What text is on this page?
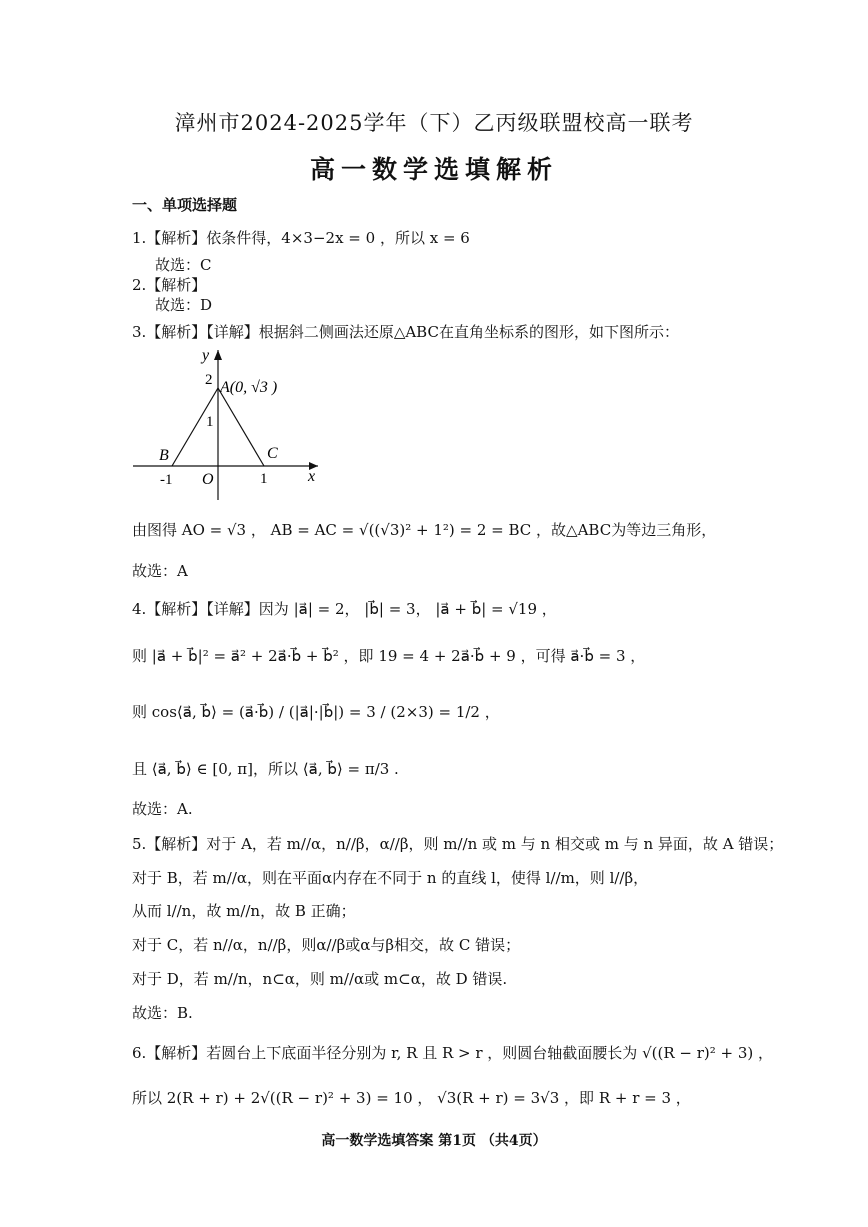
漳州市2024-2025学年（下）乙丙级联盟校高一联考
高一数学选填解析
一、单项选择题
1.【解析】依条件得，4×3−2x = 0 ，所以 x = 6
故选：C
2.【解析】
故选：D
3.【解析】【详解】根据斜二侧画法还原△ABC在直角坐标系的图形，如下图所示：
y
2 A(0, √3 )
1
B	C
-1 O	1	x
由图得 AO = √3 ， AB = AC = √((√3)² + 1²) = 2 = BC ，故△ABC为等边三角形，
故选：A
4.【解析】【详解】因为 |a⃗| = 2， |b⃗| = 3， |a⃗ + b⃗| = √19 ，
则 |a⃗ + b⃗|² = a⃗² + 2a⃗·b⃗ + b⃗² ，即 19 = 4 + 2a⃗·b⃗ + 9 ，可得 a⃗·b⃗ = 3 ，
则 cos⟨a⃗, b⃗⟩ = (a⃗·b⃗) / (|a⃗|·|b⃗|) = 3 / (2×3) = 1/2 ，
且 ⟨a⃗, b⃗⟩ ∈ [0, π]，所以 ⟨a⃗, b⃗⟩ = π/3 .
故选：A.
5.【解析】对于 A，若 m//α，n//β，α//β，则 m//n 或 m 与 n 相交或 m 与 n 异面，故 A 错误；
对于 B，若 m//α，则在平面α内存在不同于 n 的直线 l，使得 l//m，则 l//β，
从而 l//n，故 m//n，故 B 正确；
对于 C，若 n//α，n//β，则α//β或α与β相交，故 C 错误；
对于 D，若 m//n，n⊂α，则 m//α或 m⊂α，故 D 错误.
故选：B.
6.【解析】若圆台上下底面半径分别为 r, R 且 R > r ，则圆台轴截面腰长为 √((R − r)² + 3) ，
所以 2(R + r) + 2√((R − r)² + 3) = 10 ， √3(R + r) = 3√3 ，即 R + r = 3 ，
高一数学选填答案 第1页 （共4页）
